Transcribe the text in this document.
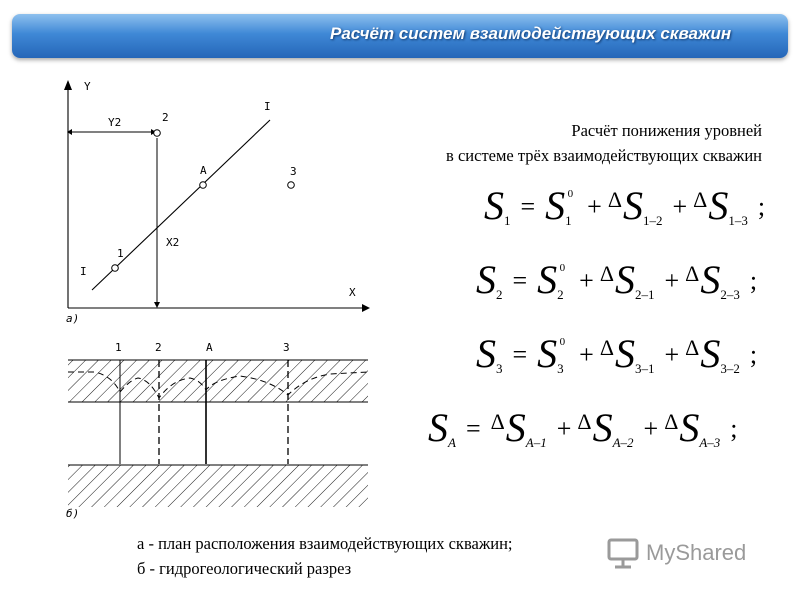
Расчёт систем взаимодействующих скважин
Y
X
Y2
X2
I
I
2
A	3
1
а)
1	2	A	3
б)
Расчёт понижения уровней
в системе трёх взаимодействующих скважин
$S_1 = S_1^0 + \Delta S_{1-2} + \Delta S_{1-3}$ ;
$S_2 = S_2^0 + \Delta S_{2-1} + \Delta S_{2-3}$ ;
$S_3 = S_3^0 + \Delta S_{3-1} + \Delta S_{3-2}$ ;
$S_A = \Delta S_{A-1} + \Delta S_{A-2} + \Delta S_{A-3}$ ;
а - план расположения взаимодействующих скважин;
б - гидрогеологический разрез
MyShared
